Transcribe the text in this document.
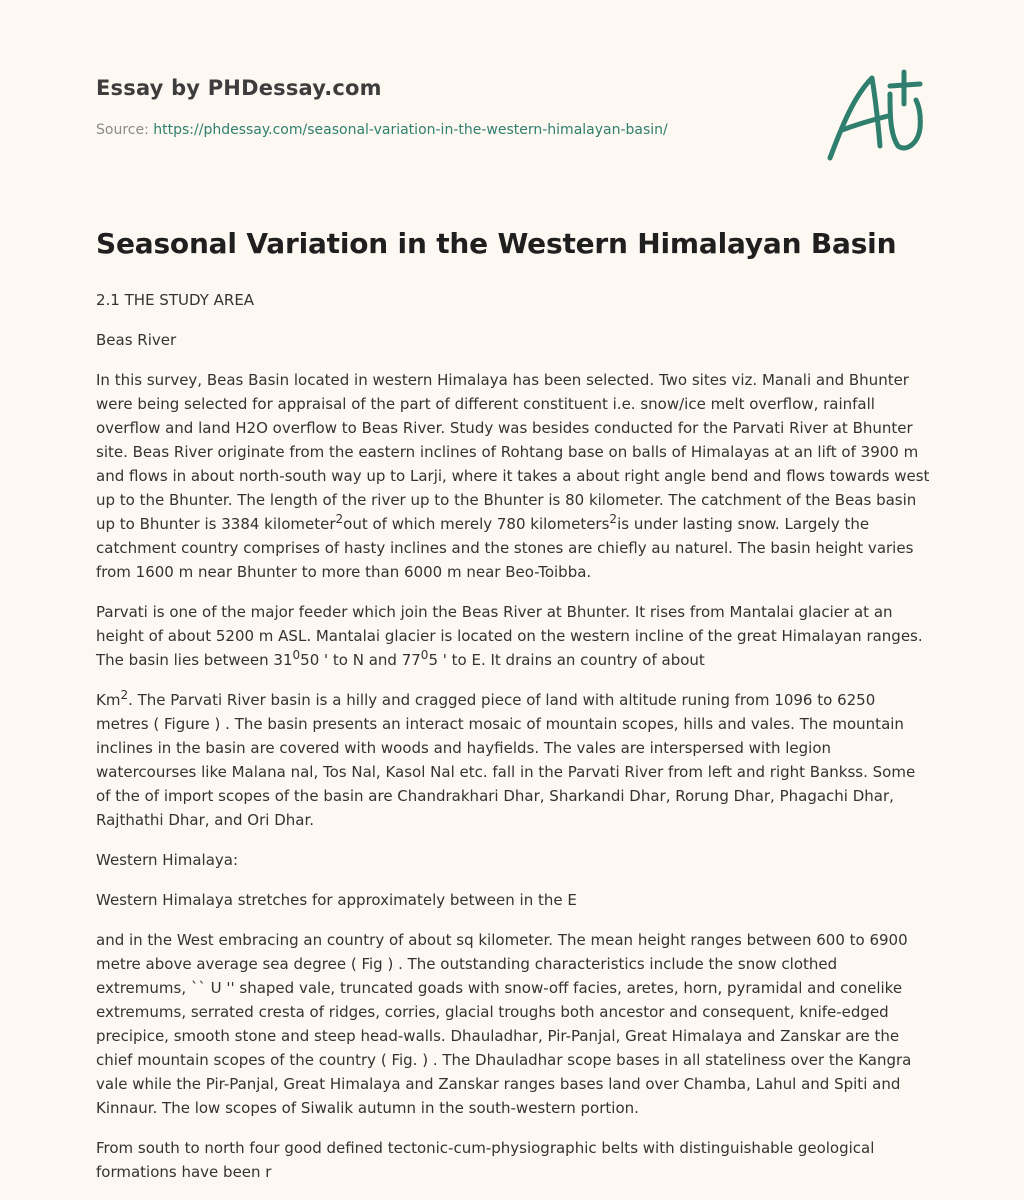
Essay by PHDessay.com
Source: https://phdessay.com/seasonal-variation-in-the-western-himalayan-basin/
Seasonal Variation in the Western Himalayan Basin

2.1 THE STUDY AREA

Beas River

In this survey, Beas Basin located in western Himalaya has been selected. Two sites viz. Manali and Bhunter were being selected for appraisal of the part of different constituent i.e. snow/ice melt overflow, rainfall overflow and land H2O overflow to Beas River. Study was besides conducted for the Parvati River at Bhunter site. Beas River originate from the eastern inclines of Rohtang base on balls of Himalayas at an lift of 3900 m and flows in about north-south way up to Larji, where it takes a about right angle bend and flows towards west up to the Bhunter. The length of the river up to the Bhunter is 80 kilometer. The catchment of the Beas basin up to Bhunter is 3384 kilometer$^2$out of which merely 780 kilometers$^2$is under lasting snow. Largely the catchment country comprises of hasty inclines and the stones are chiefly au naturel. The basin height varies from 1600 m near Bhunter to more than 6000 m near Beo-Toibba.

Parvati is one of the major feeder which join the Beas River at Bhunter. It rises from Mantalai glacier at an height of about 5200 m ASL. Mantalai glacier is located on the western incline of the great Himalayan ranges. The basin lies between $31^050$ ' to N and $77^05$ ' to E. It drains an country of about

Km$^2$. The Parvati River basin is a hilly and cragged piece of land with altitude runing from 1096 to 6250 metres ( Figure ) . The basin presents an interact mosaic of mountain scopes, hills and vales. The mountain inclines in the basin are covered with woods and hayfields. The vales are interspersed with legion watercourses like Malana nal, Tos Nal, Kasol Nal etc. fall in the Parvati River from left and right Bankss. Some of the of import scopes of the basin are Chandrakhari Dhar, Sharkandi Dhar, Rorung Dhar, Phagachi Dhar, Rajthathi Dhar, and Ori Dhar.

Western Himalaya:

Western Himalaya stretches for approximately between in the E

and in the West embracing an country of about sq kilometer. The mean height ranges between 600 to 6900 metre above average sea degree ( Fig ) . The outstanding characteristics include the snow clothed extremums, `` U '' shaped vale, truncated goads with snow-off facies, aretes, horn, pyramidal and conelike extremums, serrated cresta of ridges, corries, glacial troughs both ancestor and consequent, knife-edged precipice, smooth stone and steep head-walls. Dhauladhar, Pir-Panjal, Great Himalaya and Zanskar are the chief mountain scopes of the country ( Fig. ) . The Dhauladhar scope bases in all stateliness over the Kangra vale while the Pir-Panjal, Great Himalaya and Zanskar ranges bases land over Chamba, Lahul and Spiti and Kinnaur. The low scopes of Siwalik autumn in the south-western portion.

From south to north four good defined tectonic-cum-physiographic belts with distinguishable geological formations have been r
